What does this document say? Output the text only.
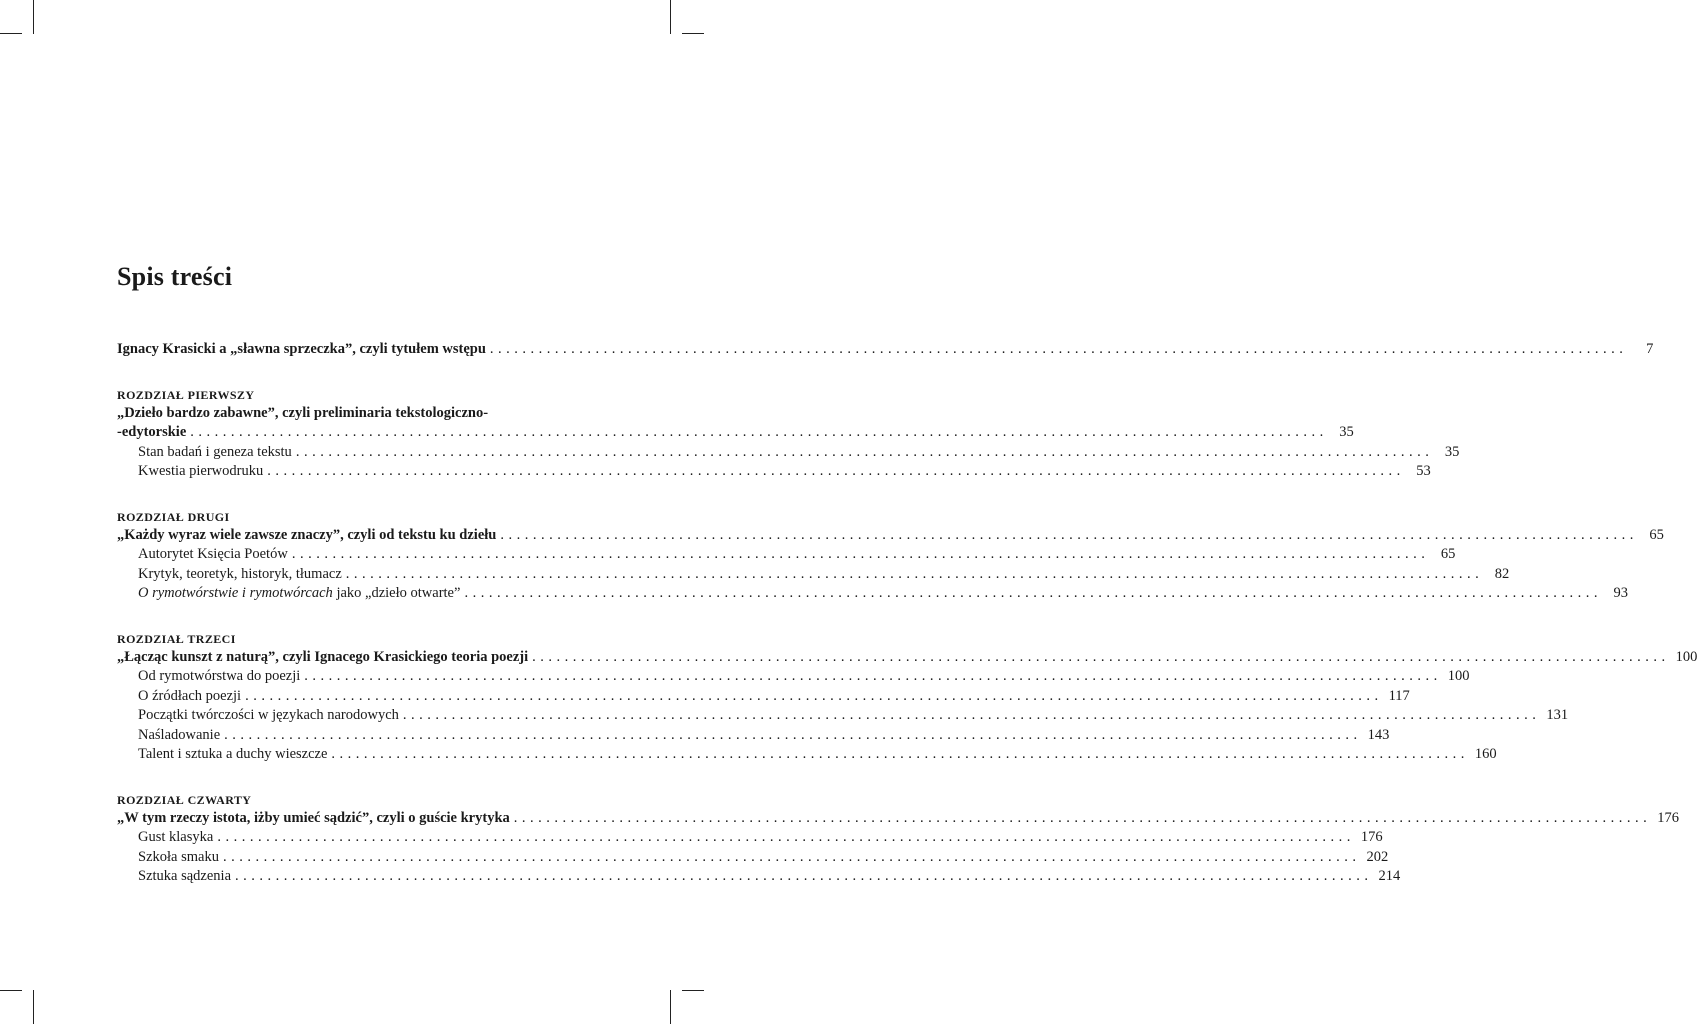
Spis treści
Ignacy Krasicki a „sławna sprzeczka”, czyli tytułem wstępu ............................................................................................................................................	7
ROZDZIAŁ PIERWSZY
„Dzieło bardzo zabawne”, czyli preliminaria tekstologiczno-
-edytorskie ............................................................................................................................................ 35
Stan badań i geneza tekstu ............................................................................................................................................ 35
Kwestia pierwodruku ............................................................................................................................................ 53
ROZDZIAŁ DRUGI
„Każdy wyraz wiele zawsze znaczy”, czyli od tekstu ku dziełu ............................................................................................................................................ 65
Autorytet Księcia Poetów ............................................................................................................................................ 65
Krytyk, teoretyk, historyk, tłumacz ............................................................................................................................................ 82
O rymotwórstwie i rymotwórcach jako „dzieło otwarte” ............................................................................................................................................ 93
ROZDZIAŁ TRZECI
„Łącząc kunszt z naturą”, czyli Ignacego Krasickiego teoria poezji ............................................................................................................................................ 100
Od rymotwórstwa do poezji ............................................................................................................................................ 100
O źródłach poezji ............................................................................................................................................ 117
Początki twórczości w językach narodowych ............................................................................................................................................ 131
Naśladowanie ............................................................................................................................................ 143
Talent i sztuka a duchy wieszcze ............................................................................................................................................ 160
ROZDZIAŁ CZWARTY
„W tym rzeczy istota, iżby umieć sądzić”, czyli o guście krytyka ............................................................................................................................................ 176
Gust klasyka ............................................................................................................................................ 176
Szkoła smaku ............................................................................................................................................ 202
Sztuka sądzenia ............................................................................................................................................ 214
